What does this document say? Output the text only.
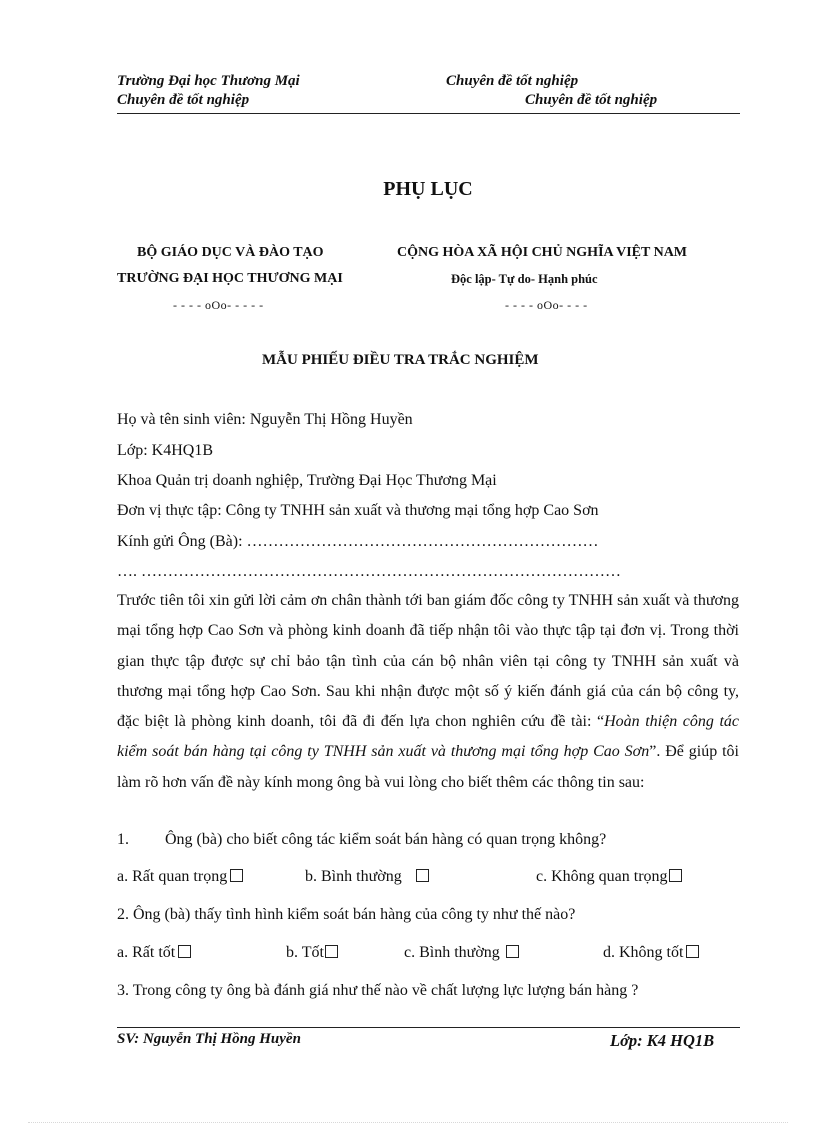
Trường Đại học Thương Mại	Chuyên đề tốt nghiệp
Chuyên đề tốt nghiệp	Chuyên đề tốt nghiệp
PHỤ LỤC
BỘ GIÁO DỤC VÀ ĐÀO TẠO
TRƯỜNG ĐẠI HỌC THƯƠNG MẠI
- - - - oOo- - - - -
CỘNG HÒA XÃ HỘI CHỦ NGHĨA VIỆT NAM
Độc lập- Tự do- Hạnh phúc
- - - - oOo- - - -
MẪU PHIẾU ĐIỀU TRA TRẮC NGHIỆM
Họ và tên sinh viên: Nguyễn Thị Hồng Huyền
Lớp: K4HQ1B
Khoa Quản trị doanh nghiệp, Trường Đại Học Thương Mại
Đơn vị thực tập: Công ty TNHH sản xuất và thương mại tổng hợp Cao Sơn
Kính gửi Ông (Bà): …………………………………………………………
…. ………………………………………………………………………………
Trước tiên tôi xin gửi lời cảm ơn chân thành tới ban giám đốc công ty TNHH sản xuất và thương mại tổng hợp Cao Sơn và phòng kinh doanh đã tiếp nhận tôi vào thực tập tại đơn vị. Trong thời gian thực tập được sự chỉ bảo tận tình của cán bộ nhân viên tại công ty TNHH sản xuất và thương mại tổng hợp Cao Sơn. Sau khi nhận được một số ý kiến đánh giá của cán bộ công ty, đặc biệt là phòng kinh doanh, tôi đã đi đến lựa chon nghiên cứu đề tài: “Hoàn thiện công tác kiểm soát bán hàng tại công ty TNHH sản xuất và thương mại tổng hợp Cao Sơn”. Để giúp tôi làm rõ hơn vấn đề này kính mong ông bà vui lòng cho biết thêm các thông tin sau:
1. Ông (bà) cho biết công tác kiểm soát bán hàng có quan trọng không?
a. Rất quan trọng	b. Bình thường	c. Không quan trọng
2. Ông (bà) thấy tình hình kiểm soát bán hàng của công ty như thế nào?
a. Rất tốt	b. Tốt	c. Bình thường	d. Không tốt
3. Trong công ty ông bà đánh giá như thế nào về chất lượng lực lượng bán hàng ?
SV: Nguyễn Thị Hồng Huyền	Lớp: K4 HQ1B
